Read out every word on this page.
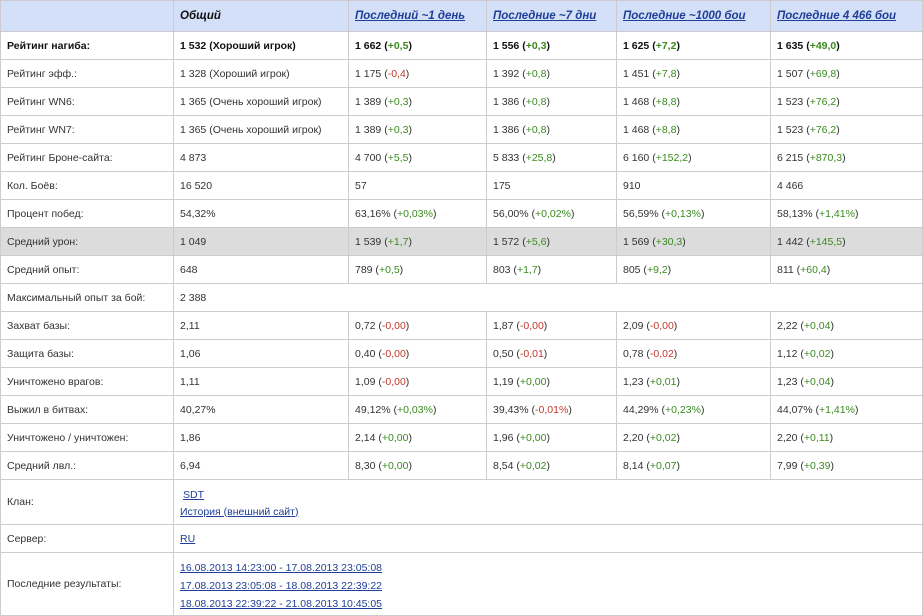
	Общий	Последний ~1 день	Последние ~7 дни	Последние ~1000 бои	Последние 4 466 бои
Рейтинг нагиба:	1 532 (Хороший игрок)	1 662 (+0,5)	1 556 (+0,3)	1 625 (+7,2)	1 635 (+49,0)
Рейтинг эфф.:	1 328 (Хороший игрок)	1 175 (-0,4)	1 392 (+0,8)	1 451 (+7,8)	1 507 (+69,8)
Рейтинг WN6:	1 365 (Очень хороший игрок)	1 389 (+0,3)	1 386 (+0,8)	1 468 (+8,8)	1 523 (+76,2)
Рейтинг WN7:	1 365 (Очень хороший игрок)	1 389 (+0,3)	1 386 (+0,8)	1 468 (+8,8)	1 523 (+76,2)
Рейтинг Броне-сайта:	4 873	4 700 (+5,5)	5 833 (+25,8)	6 160 (+152,2)	6 215 (+870,3)
Кол. Боёв:	16 520	57	175	910	4 466
Процент побед:	54,32%	63,16% (+0,03%)	56,00% (+0,02%)	56,59% (+0,13%)	58,13% (+1,41%)
Средний урон:	1 049	1 539 (+1,7)	1 572 (+5,6)	1 569 (+30,3)	1 442 (+145,5)
Средний опыт:	648	789 (+0,5)	803 (+1,7)	805 (+9,2)	811 (+60,4)
Максимальный опыт за бой:	2 388				
Захват базы:	2,11	0,72 (-0,00)	1,87 (-0,00)	2,09 (-0,00)	2,22 (+0,04)
Защита базы:	1,06	0,40 (-0,00)	0,50 (-0,01)	0,78 (-0,02)	1,12 (+0,02)
Уничтожено врагов:	1,11	1,09 (-0,00)	1,19 (+0,00)	1,23 (+0,01)	1,23 (+0,04)
Выжил в битвах:	40,27%	49,12% (+0,03%)	39,43% (-0,01%)	44,29% (+0,23%)	44,07% (+1,41%)
Уничтожено / уничтожен:	1,86	2,14 (+0,00)	1,96 (+0,00)	2,20 (+0,02)	2,20 (+0,11)
Средний лвл.:	6,94	8,30 (+0,00)	8,54 (+0,02)	8,14 (+0,07)	7,99 (+0,39)
Клан:	SDT
История (внешний сайт)				

Сервер:	RU				
Последние результаты:	16.08.2013 14:23:00 - 17.08.2013 23:05:08
17.08.2013 23:05:08 - 18.08.2013 22:39:22
18.08.2013 22:39:22 - 21.08.2013 10:45:05				
